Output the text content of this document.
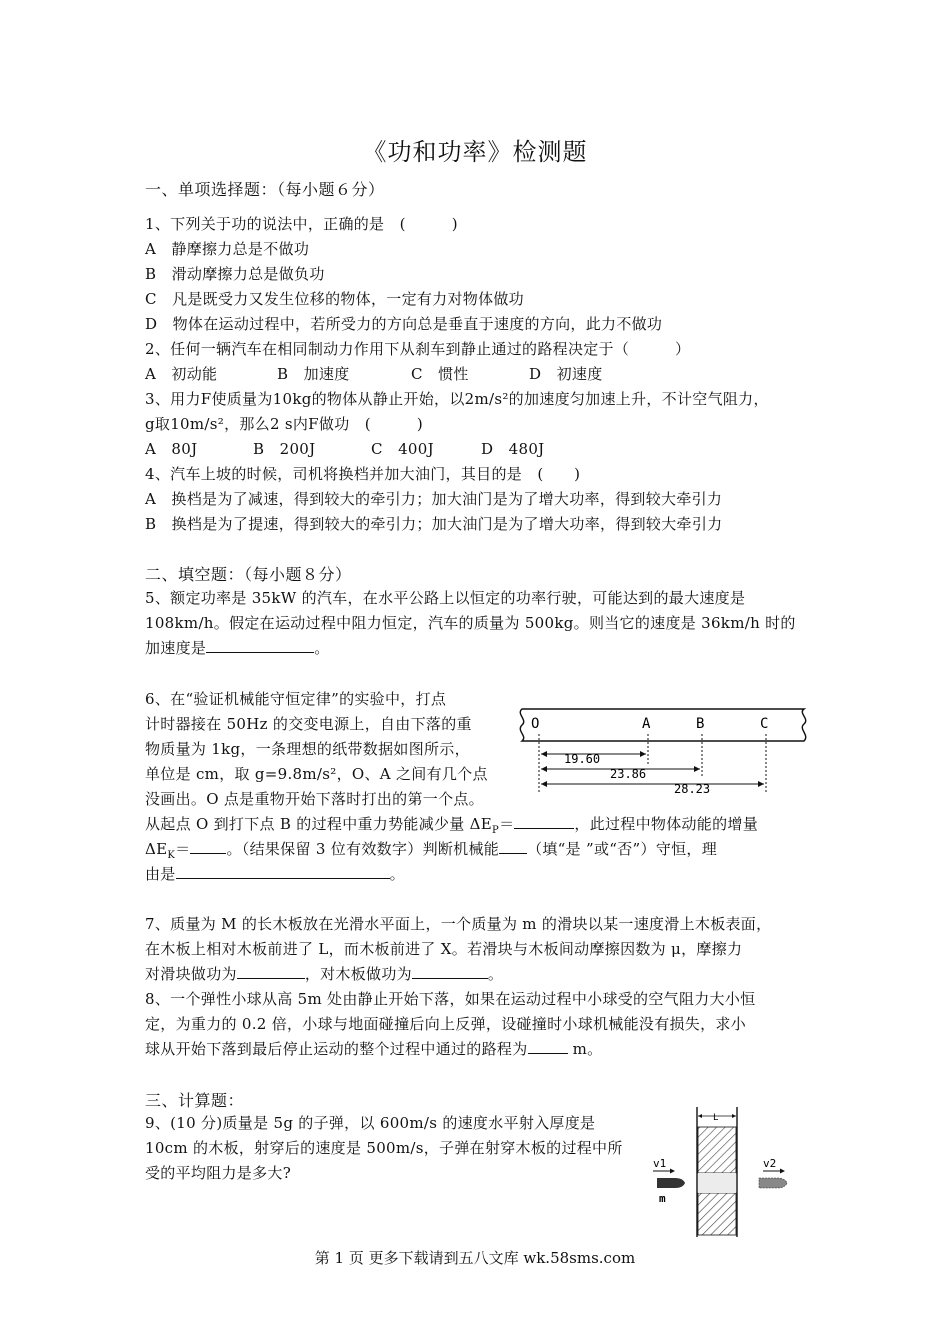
《功和功率》检测题
一、单项选择题：（每小题６分）
1、下列关于功的说法中，正确的是　(　　　)
A　静摩擦力总是不做功
B　滑动摩擦力总是做负功
C　凡是既受力又发生位移的物体，一定有力对物体做功
D　物体在运动过程中，若所受力的方向总是垂直于速度的方向，此力不做功
2、任何一辆汽车在相同制动力作用下从刹车到静止通过的路程决定于（　　　）
A　初动能	B　加速度	C　惯性	D　初速度
3、用力F使质量为10kg的物体从静止开始，以2m/s²的加速度匀加速上升，不计空气阻力，
g取10m/s²，那么2 s内F做功　(　　　)
A　80J	B　200J	C　400J	D　480J
4、汽车上坡的时候，司机将换档并加大油门，其目的是　(　　)
A　换档是为了减速，得到较大的牵引力；加大油门是为了增大功率，得到较大牵引力
B　换档是为了提速，得到较大的牵引力；加大油门是为了增大功率，得到较大牵引力
二、填空题：（每小题８分）
5、额定功率是 35kW 的汽车，在水平公路上以恒定的功率行驶，可能达到的最大速度是
108km/h。假定在运动过程中阻力恒定，汽车的质量为 500kg。则当它的速度是 36km/h 时的
加速度是	。
6、在“验证机械能守恒定律”的实验中，打点
计时器接在 50Hz 的交变电源上，自由下落的重
物质量为 1kg，一条理想的纸带数据如图所示，
单位是 cm，取 g=9.8m/s²，O、A 之间有几个点
没画出。O 点是重物开始下落时打出的第一个点。
从起点 O 到打下点 B 的过程中重力势能减少量 $\Delta E_P=$	，此过程中物体动能的增量
$\Delta E_K=$ 。（结果保留 3 位有效数字）判断机械能 （填“是 ”或“否”）守恒，理
由是	。
O	A	B	C
19.60
23.86
28.23
7、质量为 M 的长木板放在光滑水平面上，一个质量为 m 的滑块以某一速度滑上木板表面，
在木板上相对木板前进了 L，而木板前进了 X。若滑块与木板间动摩擦因数为 μ，摩擦力
对滑块做功为	，对木板做功为	。
8、一个弹性小球从高 5m 处由静止开始下落，如果在运动过程中小球受的空气阻力大小恒
定，为重力的 0.2 倍，小球与地面碰撞后向上反弹，设碰撞时小球机械能没有损失，求小
球从开始下落到最后停止运动的整个过程中通过的路程为	m。
三、计算题：
9、(10 分)质量是 5g 的子弹，以 600m/s 的速度水平射入厚度是
10cm 的木板，射穿后的速度是 500m/s，子弹在射穿木板的过程中所
受的平均阻力是多大?
L
v1
m
v2
第 1 页 更多下载请到五八文库 wk.58sms.com
